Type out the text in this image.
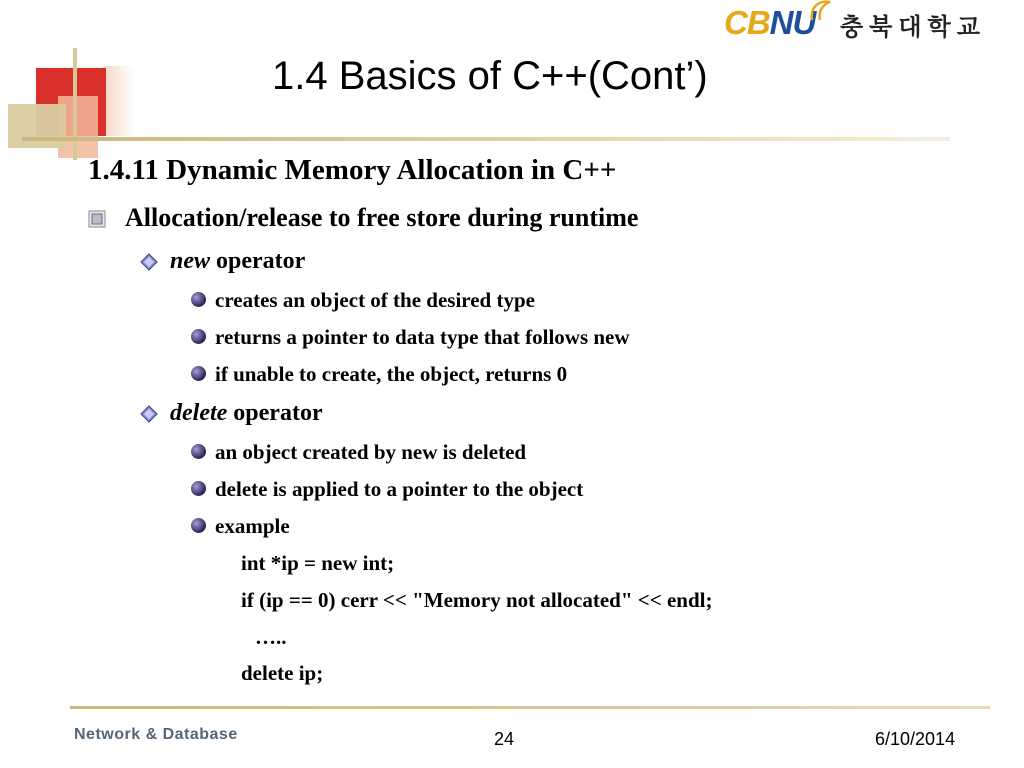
CBNU 충북대학교
1.4 Basics of C++(Cont’)
1.4.11 Dynamic Memory Allocation in C++
Allocation/release to free store during runtime
new operator
creates an object of the desired type
returns a pointer to data type that follows new
if unable to create, the object, returns 0
delete operator
an object created by new is deleted
delete is applied to a pointer to the object
example
int *ip = new int;
if (ip == 0) cerr << "Memory not allocated" << endl;
…..
delete ip;
Network & Database	24	6/10/2014
